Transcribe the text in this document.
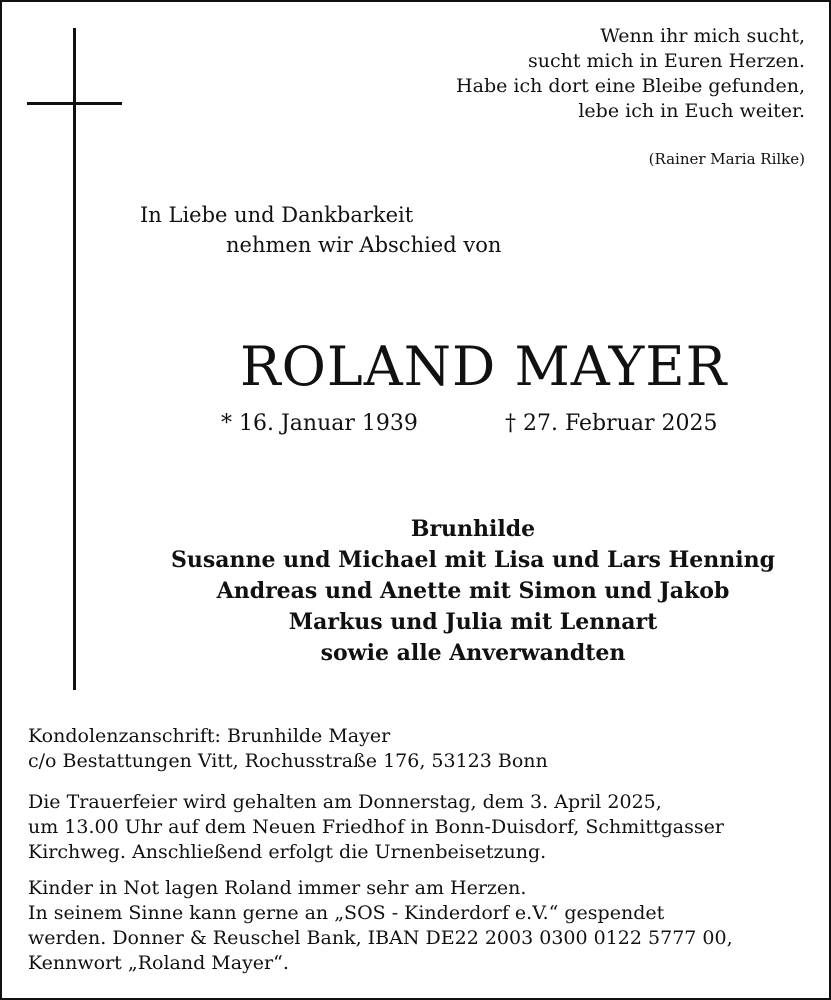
Wenn ihr mich sucht,
sucht mich in Euren Herzen.
Habe ich dort eine Bleibe gefunden,
lebe ich in Euch weiter.
(Rainer Maria Rilke)
In Liebe und Dankbarkeit
nehmen wir Abschied von
ROLAND MAYER
* 16. Januar 1939	† 27. Februar 2025
Brunhilde
Susanne und Michael mit Lisa und Lars Henning
Andreas und Anette mit Simon und Jakob
Markus und Julia mit Lennart
sowie alle Anverwandten
Kondolenzanschrift: Brunhilde Mayer
c/o Bestattungen Vitt, Rochusstraße 176, 53123 Bonn
Die Trauerfeier wird gehalten am Donnerstag, dem 3. April 2025,
um 13.00 Uhr auf dem Neuen Friedhof in Bonn-Duisdorf, Schmittgasser
Kirchweg. Anschließend erfolgt die Urnenbeisetzung.
Kinder in Not lagen Roland immer sehr am Herzen.
In seinem Sinne kann gerne an „SOS - Kinderdorf e.V.“ gespendet
werden. Donner & Reuschel Bank, IBAN DE22 2003 0300 0122 5777 00,
Kennwort „Roland Mayer“.
